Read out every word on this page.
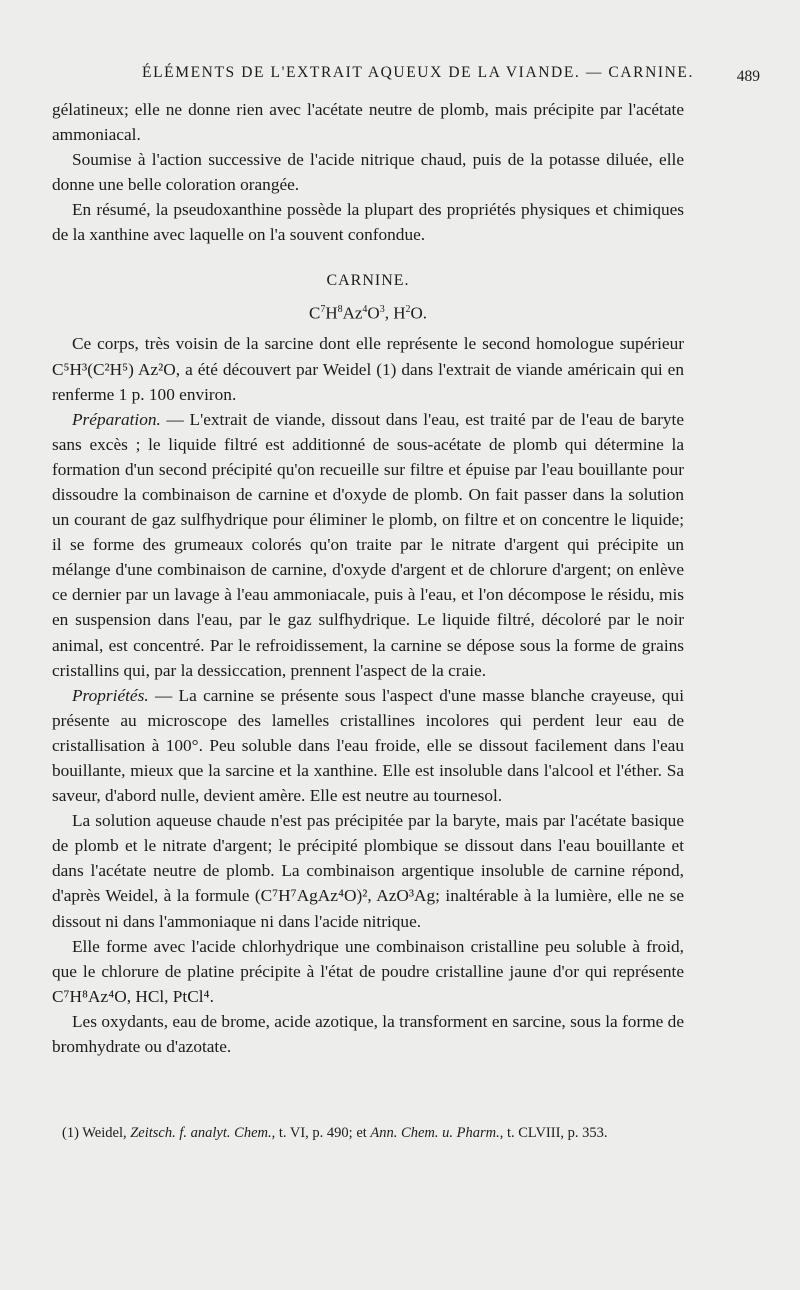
ÉLÉMENTS DE L'EXTRAIT AQUEUX DE LA VIANDE. — CARNINE.	489

gélatineux; elle ne donne rien avec l'acétate neutre de plomb, mais précipite par l'acétate ammoniacal.

Soumise à l'action successive de l'acide nitrique chaud, puis de la potasse diluée, elle donne une belle coloration orangée.

En résumé, la pseudoxanthine possède la plupart des propriétés physiques et chimiques de la xanthine avec laquelle on l'a souvent confondue.

CARNINE.
$C^7H^8Az^4O^3$, $H^2O$.

Ce corps, très voisin de la sarcine dont elle représente le second homologue supérieur C⁵H³(C²H⁵) Az²O, a été découvert par Weidel (1) dans l'extrait de viande américain qui en renferme 1 p. 100 environ.

Préparation. — L'extrait de viande, dissout dans l'eau, est traité par de l'eau de baryte sans excès ; le liquide filtré est additionné de sous-acétate de plomb qui détermine la formation d'un second précipité qu'on recueille sur filtre et épuise par l'eau bouillante pour dissoudre la combinaison de carnine et d'oxyde de plomb. On fait passer dans la solution un courant de gaz sulfhydrique pour éliminer le plomb, on filtre et on concentre le liquide; il se forme des grumeaux colorés qu'on traite par le nitrate d'argent qui précipite un mélange d'une combinaison de carnine, d'oxyde d'argent et de chlorure d'argent; on enlève ce dernier par un lavage à l'eau ammoniacale, puis à l'eau, et l'on décompose le résidu, mis en suspension dans l'eau, par le gaz sulfhydrique. Le liquide filtré, décoloré par le noir animal, est concentré. Par le refroidissement, la carnine se dépose sous la forme de grains cristallins qui, par la dessiccation, prennent l'aspect de la craie.

Propriétés. — La carnine se présente sous l'aspect d'une masse blanche crayeuse, qui présente au microscope des lamelles cristallines incolores qui perdent leur eau de cristallisation à 100°. Peu soluble dans l'eau froide, elle se dissout facilement dans l'eau bouillante, mieux que la sarcine et la xanthine. Elle est insoluble dans l'alcool et l'éther. Sa saveur, d'abord nulle, devient amère. Elle est neutre au tournesol.

La solution aqueuse chaude n'est pas précipitée par la baryte, mais par l'acétate basique de plomb et le nitrate d'argent; le précipité plombique se dissout dans l'eau bouillante et dans l'acétate neutre de plomb. La combinaison argentique insoluble de carnine répond, d'après Weidel, à la formule (C⁷H⁷AgAz⁴O)², AzO³Ag; inaltérable à la lumière, elle ne se dissout ni dans l'ammoniaque ni dans l'acide nitrique.

Elle forme avec l'acide chlorhydrique une combinaison cristalline peu soluble à froid, que le chlorure de platine précipite à l'état de poudre cristalline jaune d'or qui représente C⁷H⁸Az⁴O, HCl, PtCl⁴.

Les oxydants, eau de brome, acide azotique, la transforment en sarcine, sous la forme de bromhydrate ou d'azotate.

(1) Weidel, Zeitsch. f. analyt. Chem., t. VI, p. 490; et Ann. Chem. u. Pharm., t. CLVIII, p. 353.
